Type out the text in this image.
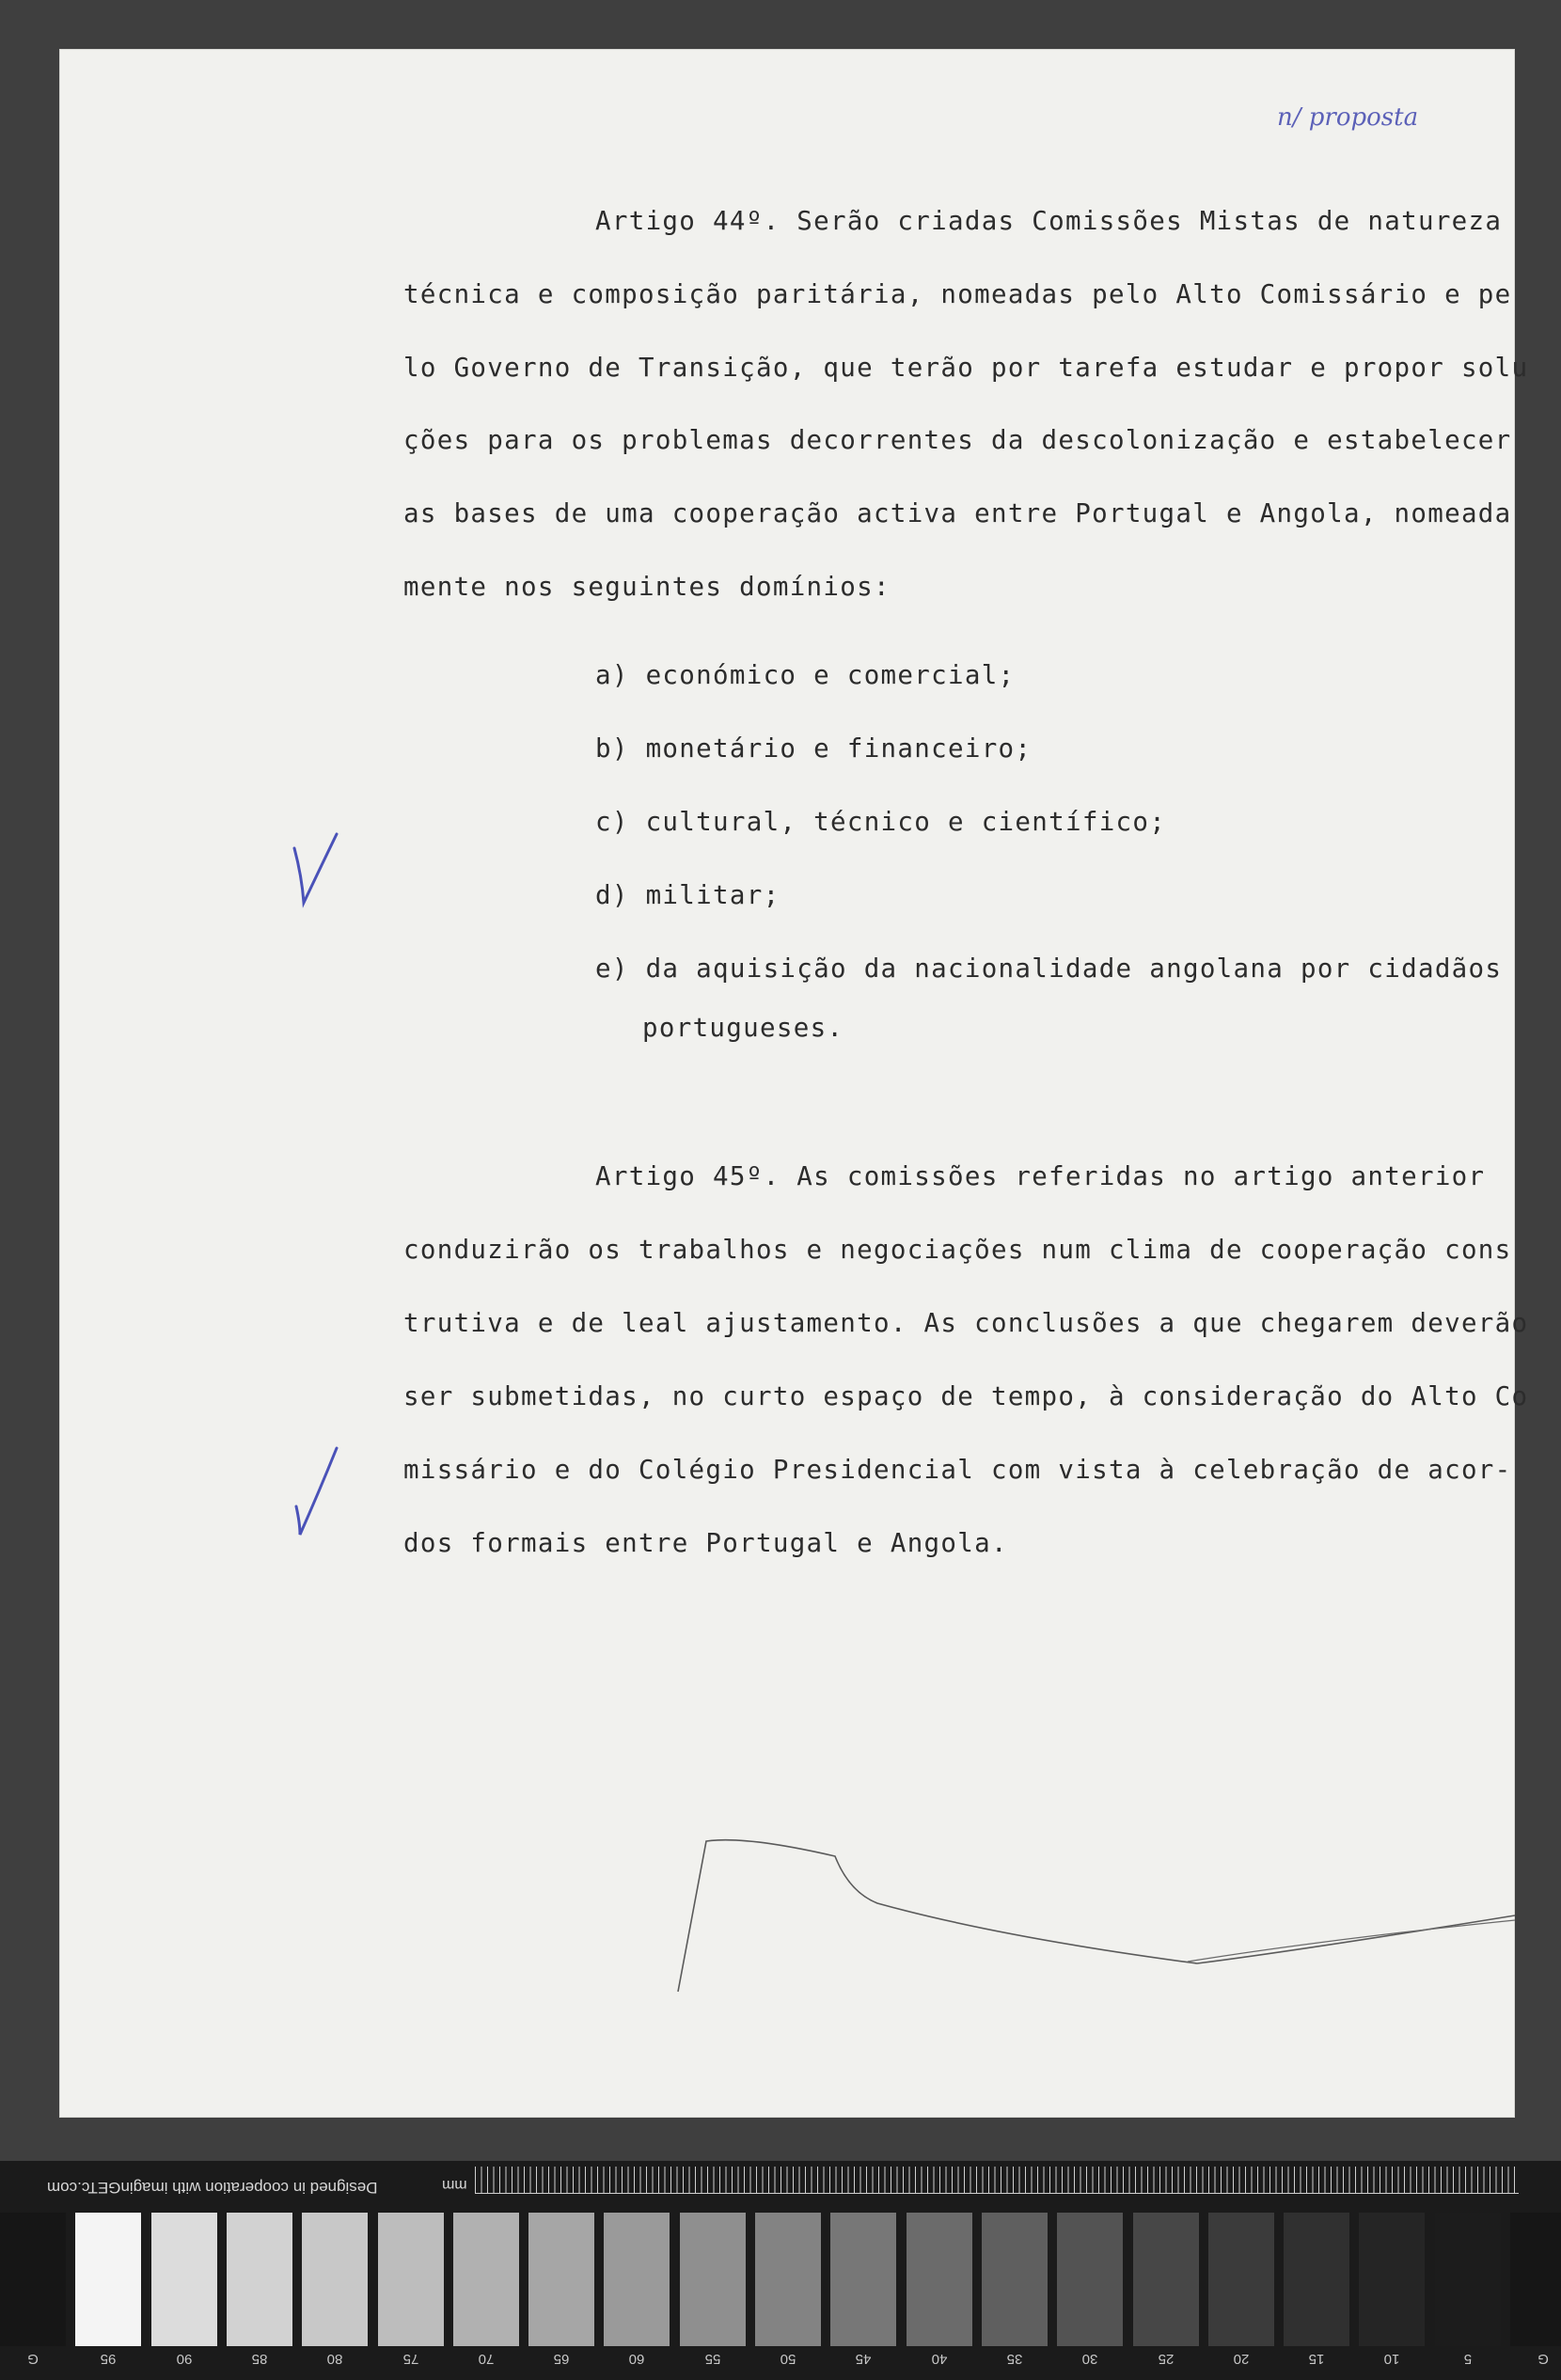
n/ proposta
Artigo 44º. Serão criadas Comissões Mistas de natureza
técnica e composição paritária, nomeadas pelo Alto Comissário e pe
lo Governo de Transição, que terão por tarefa estudar e propor solu
ções para os problemas decorrentes da descolonização e estabelecer
as bases de uma cooperação activa entre Portugal e Angola, nomeada
mente nos seguintes domínios:
a) económico e comercial;
b) monetário e financeiro;
c) cultural, técnico e científico;
d) militar;
e) da aquisição da nacionalidade angolana por cidadãos
portugueses.
Artigo 45º. As comissões referidas no artigo anterior
conduzirão os trabalhos e negociações num clima de cooperação cons
trutiva e de leal ajustamento. As conclusões a que chegarem deverão
ser submetidas, no curto espaço de tempo, à consideração do Alto Co
missário e do Colégio Presidencial com vista à celebração de acor-
dos formais entre Portugal e Angola.
Designed in cooperation with imaginGETc.com	mm
G	95	90	85	80	75	70	65	60	55	50	45	40	35	30	25	20	15	10	5	G
